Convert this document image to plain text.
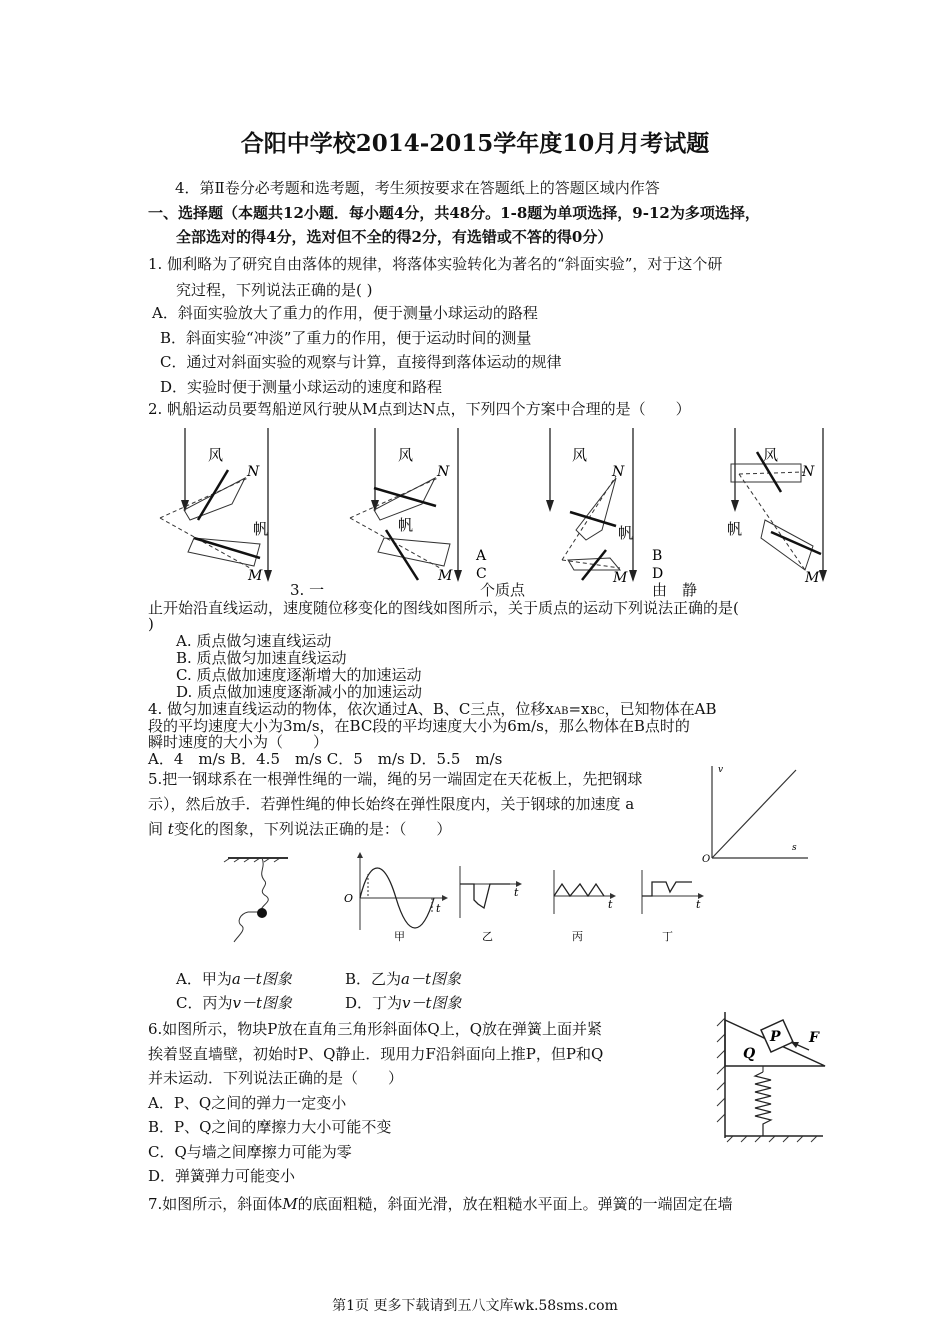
合阳中学校2014-2015学年度10月月考试题
4．第Ⅱ卷分必考题和选考题，考生须按要求在答题纸上的答题区域内作答
一、选择题（本题共12小题．每小题4分，共48分。1-8题为单项选择，9-12为多项选择，
全部选对的得4分，选对但不全的得2分，有选错或不答的得0分）
1. 伽利略为了研究自由落体的规律，将落体实验转化为著名的“斜面实验”，对于这个研
究过程，下列说法正确的是( )
A．斜面实验放大了重力的作用，便于测量小球运动的路程
B．斜面实验“冲淡”了重力的作用，便于运动时间的测量
C．通过对斜面实验的观察与计算，直接得到落体运动的规律
D．实验时便于测量小球运动的速度和路程
2. 帆船运动员要驾船逆风行驶从M点到达N点，下列四个方案中合理的是（　　）
风
N
M
帆
风
N
M
帆
风
N
M
帆
A
C
B
D
风
N
M
帆
3. 一	个质点	由　静
止开始沿直线运动，速度随位移变化的图线如图所示，关于质点的运动下列说法正确的是(
)
A. 质点做匀速直线运动
B. 质点做匀加速直线运动
C. 质点做加速度逐渐增大的加速运动
D. 质点做加速度逐渐减小的加速运动
4. 做匀加速直线运动的物体，依次通过A、B、C三点，位移xAB=xBC，已知物体在AB
段的平均速度大小为3m/s，在BC段的平均速度大小为6m/s，那么物体在B点时的
瞬时速度的大小为（　　）
A．4　m/s B．4.5　m/s C．5　m/s D．5.5　m/s
v
s
O
5.把一钢球系在一根弹性绳的一端，绳的另一端固定在天花板上，先把钢球
示），然后放手．若弹性绳的伸长始终在弹性限度内，关于钢球的加速度 a
间 t变化的图象，下列说法正确的是：（　　）
O
t
甲
t
乙
t
丙
t
丁
A．甲为a－t图象	B．乙为a－t图象
C．丙为v－t图象	D．丁为v－t图象
6.如图所示，物块P放在直角三角形斜面体Q上，Q放在弹簧上面并紧
挨着竖直墙壁，初始时P、Q静止．现用力F沿斜面向上推P，但P和Q
并未运动．下列说法正确的是（　　）
A．P、Q之间的弹力一定变小
B．P、Q之间的摩擦力大小可能不变
C．Q与墙之间摩擦力可能为零
D．弹簧弹力可能变小
P
Q
F
7.如图所示，斜面体M的底面粗糙，斜面光滑，放在粗糙水平面上。弹簧的一端固定在墙
第1页 更多下载请到五八文库wk.58sms.com
